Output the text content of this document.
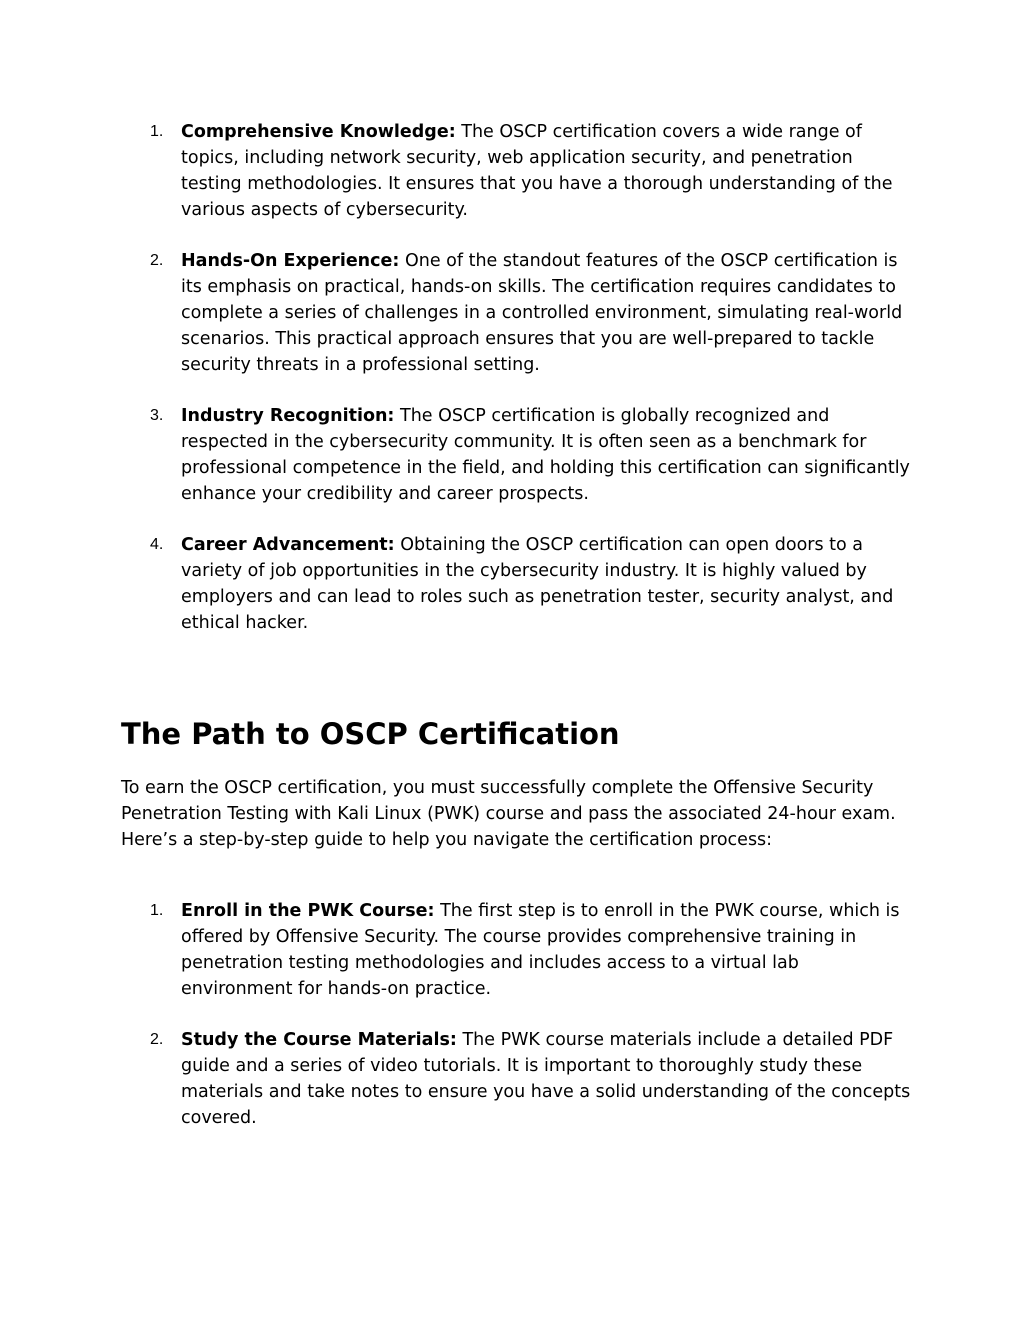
1. Comprehensive Knowledge: The OSCP certification covers a wide range of topics, including network security, web application security, and penetration testing methodologies. It ensures that you have a thorough understanding of the various aspects of cybersecurity.
2. Hands-On Experience: One of the standout features of the OSCP certification is its emphasis on practical, hands-on skills. The certification requires candidates to complete a series of challenges in a controlled environment, simulating real-world scenarios. This practical approach ensures that you are well-prepared to tackle security threats in a professional setting.
3. Industry Recognition: The OSCP certification is globally recognized and respected in the cybersecurity community. It is often seen as a benchmark for professional competence in the field, and holding this certification can significantly enhance your credibility and career prospects.
4. Career Advancement: Obtaining the OSCP certification can open doors to a variety of job opportunities in the cybersecurity industry. It is highly valued by employers and can lead to roles such as penetration tester, security analyst, and ethical hacker.
The Path to OSCP Certification

To earn the OSCP certification, you must successfully complete the Offensive Security Penetration Testing with Kali Linux (PWK) course and pass the associated 24-hour exam. Here’s a step-by-step guide to help you navigate the certification process:

1. Enroll in the PWK Course: The first step is to enroll in the PWK course, which is offered by Offensive Security. The course provides comprehensive training in penetration testing methodologies and includes access to a virtual lab environment for hands-on practice.
2. Study the Course Materials: The PWK course materials include a detailed PDF guide and a series of video tutorials. It is important to thoroughly study these materials and take notes to ensure you have a solid understanding of the concepts covered.
